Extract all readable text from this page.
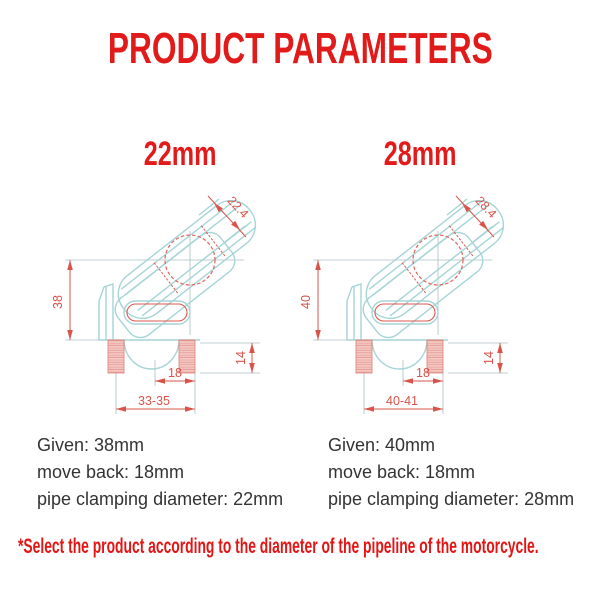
PRODUCT PARAMETERS
22mm	28mm
38
22.4
14
18
33-35
40
28.4
14
18
40-41
Given: 38mm
move back: 18mm
pipe clamping diameter: 22mm
Given: 40mm
move back: 18mm
pipe clamping diameter: 28mm
*Select the product according to the diameter of the pipeline of the motorcycle.
